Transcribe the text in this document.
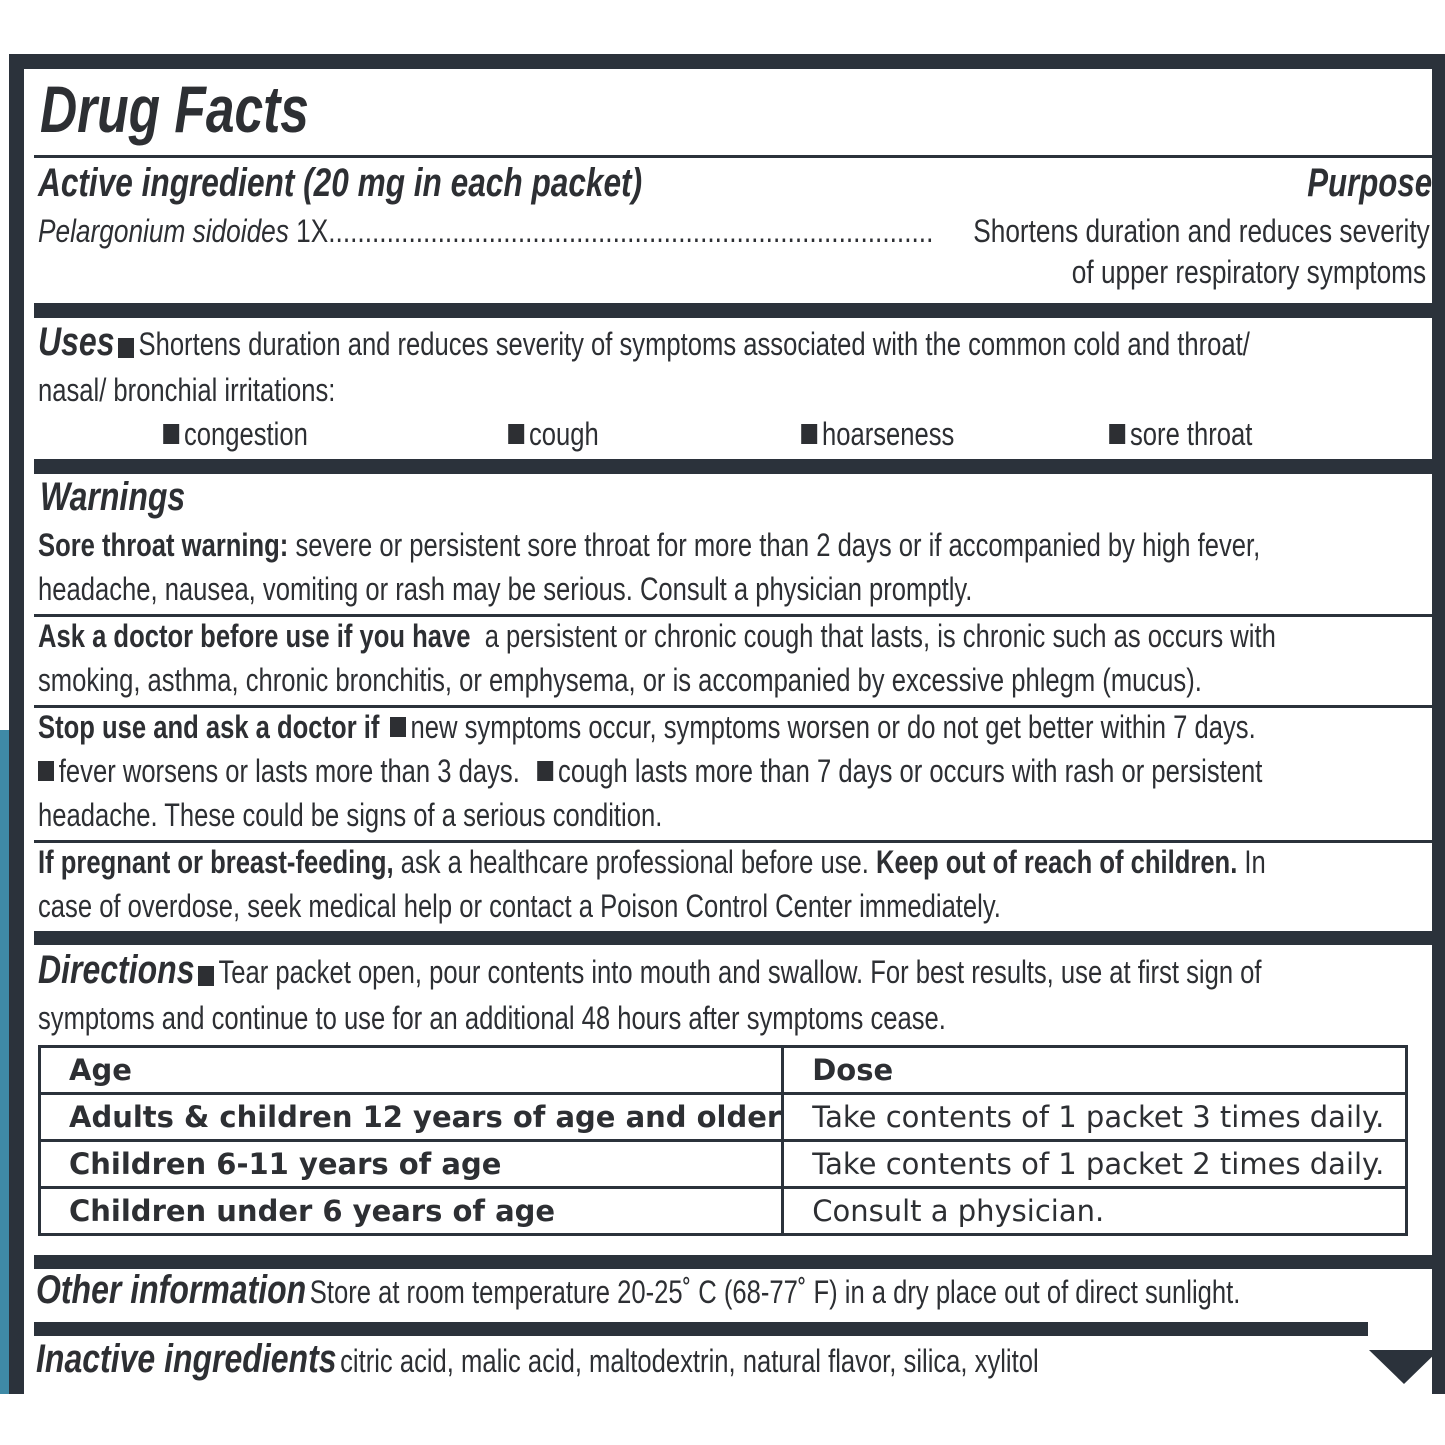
Drug Facts
Active ingredient (20 mg in each packet)	Purpose
Pelargonium sidoides 1X...................................................................................	Shortens duration and reduces severity
of upper respiratory symptoms
Uses Shortens duration and reduces severity of symptoms associated with the common cold and throat/
nasal/ bronchial irritations:
congestion	cough	hoarseness	sore throat
Warnings
Sore throat warning: severe or persistent sore throat for more than 2 days or if accompanied by high fever,
headache, nausea, vomiting or rash may be serious. Consult a physician promptly.
Ask a doctor before use if you have a persistent or chronic cough that lasts, is chronic such as occurs with
smoking, asthma, chronic bronchitis, or emphysema, or is accompanied by excessive phlegm (mucus).
Stop use and ask a doctor if new symptoms occur, symptoms worsen or do not get better within 7 days.
fever worsens or lasts more than 3 days. cough lasts more than 7 days or occurs with rash or persistent
headache. These could be signs of a serious condition.
If pregnant or breast-feeding, ask a healthcare professional before use. Keep out of reach of children. In
case of overdose, seek medical help or contact a Poison Control Center immediately.
Directions Tear packet open, pour contents into mouth and swallow. For best results, use at first sign of
symptoms and continue to use for an additional 48 hours after symptoms cease.
Age	Dose
Adults & children 12 years of age and older	Take contents of 1 packet 3 times daily.
Children 6-11 years of age	Take contents of 1 packet 2 times daily.
Children under 6 years of age	Consult a physician.
Other information Store at room temperature 20-25˚ C (68-77˚ F) in a dry place out of direct sunlight.
Inactive ingredients citric acid, malic acid, maltodextrin, natural flavor, silica, xylitol
